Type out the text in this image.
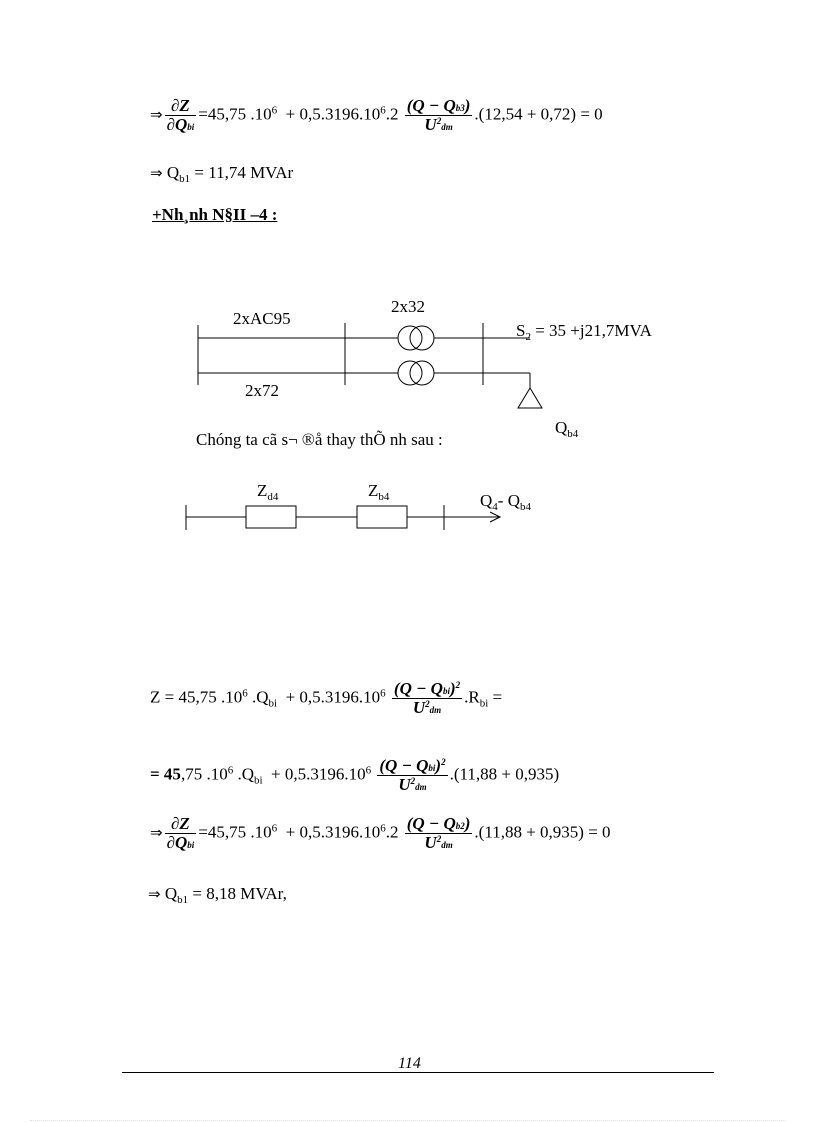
⇒ $\frac{\partial Z}{\text{∂Qbi}} =45,75$ $.10^6 + 0,5.3196.10^6.2 \frac{(Q - Qb3)}{U^2dm} .(12,54 + 0,72) = 0$
⇒ $Q_{b1} = 11,74$ MVAr
+Nh¸nh N§II –4 :
2xAC95
2x32
2x72
$S_2 = 35 +j21,7MVA$
$Q_{b4}$
Chóng ta cã s¬ ®å thay thÕ nh sau :
$Z_{d4}$	$Z_{b4}$	$Q_4-$ $Q_{b4}$
Z = 45,75 $.10^6$ $.Q_{bi} + 0,5.3196.10^6 \frac{(Q - Qbi)^2}{U^2dm} .R_{bi}$ =
= 45,75 $.10^6$ $.Q_{bi} + 0,5.3196.10^6 \frac{(Q - Qbi)^2}{U^2dm} .(11,88 + 0,935)$
⇒ $\frac{\partial Z}{\text{∂Qbi}} =45,75$ $.10^6 + 0,5.3196.10^6.2 \frac{(Q - Qb2)}{U^2dm} .(11,88 + 0,935) = 0$
⇒ $Q_{b1} = 8,18$ MVAr,
114
